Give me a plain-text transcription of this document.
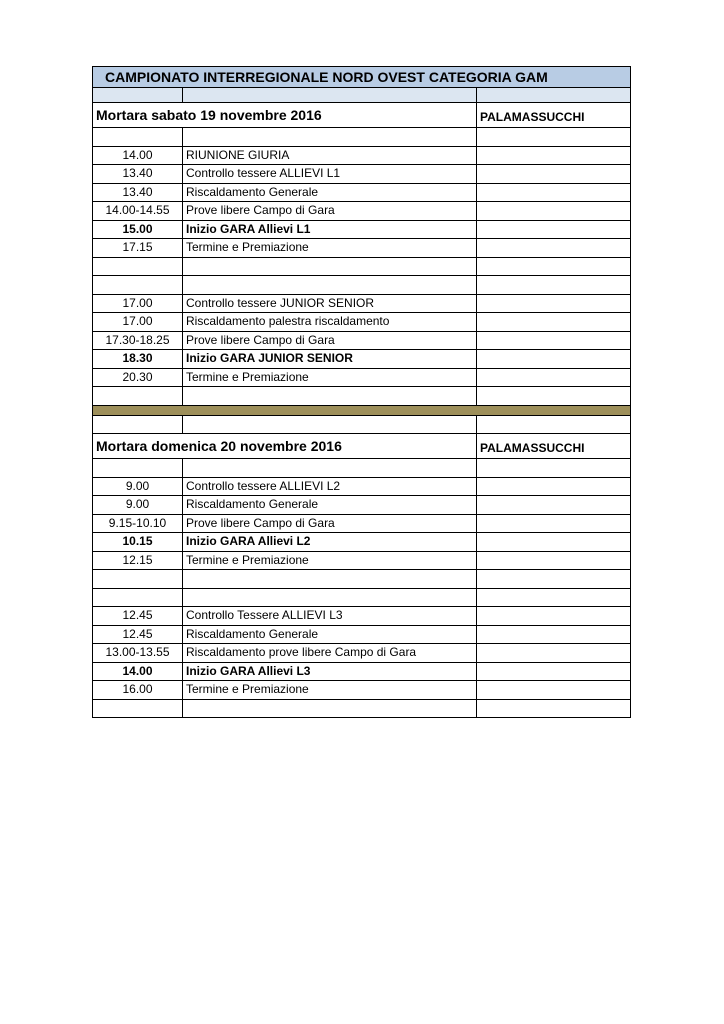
CAMPIONATO INTERREGIONALE NORD OVEST CATEGORIA GAM		

Mortara sabato 19 novembre 2016		PALAMASSUCCHI

14.00	RIUNIONE GIURIA	
13.40	Controllo tessere ALLIEVI L1	
13.40	Riscaldamento Generale	
14.00-14.55	Prove libere Campo di Gara	
15.00	Inizio GARA Allievi L1	
17.15	Termine e Premiazione	

17.00	Controllo tessere JUNIOR SENIOR	
17.00	Riscaldamento palestra riscaldamento	
17.30-18.25	Prove libere Campo di Gara	
18.30	Inizio GARA JUNIOR SENIOR	
20.30	Termine e Premiazione	

Mortara domenica 20 novembre 2016		PALAMASSUCCHI

9.00	Controllo tessere ALLIEVI L2	
9.00	Riscaldamento Generale	
9.15-10.10	Prove libere Campo di Gara	
10.15	Inizio GARA Allievi L2	
12.15	Termine e Premiazione	

12.45	Controllo Tessere ALLIEVI L3	
12.45	Riscaldamento Generale	
13.00-13.55	Riscaldamento prove libere Campo di Gara	
14.00	Inizio GARA Allievi L3	
16.00	Termine e Premiazione	
